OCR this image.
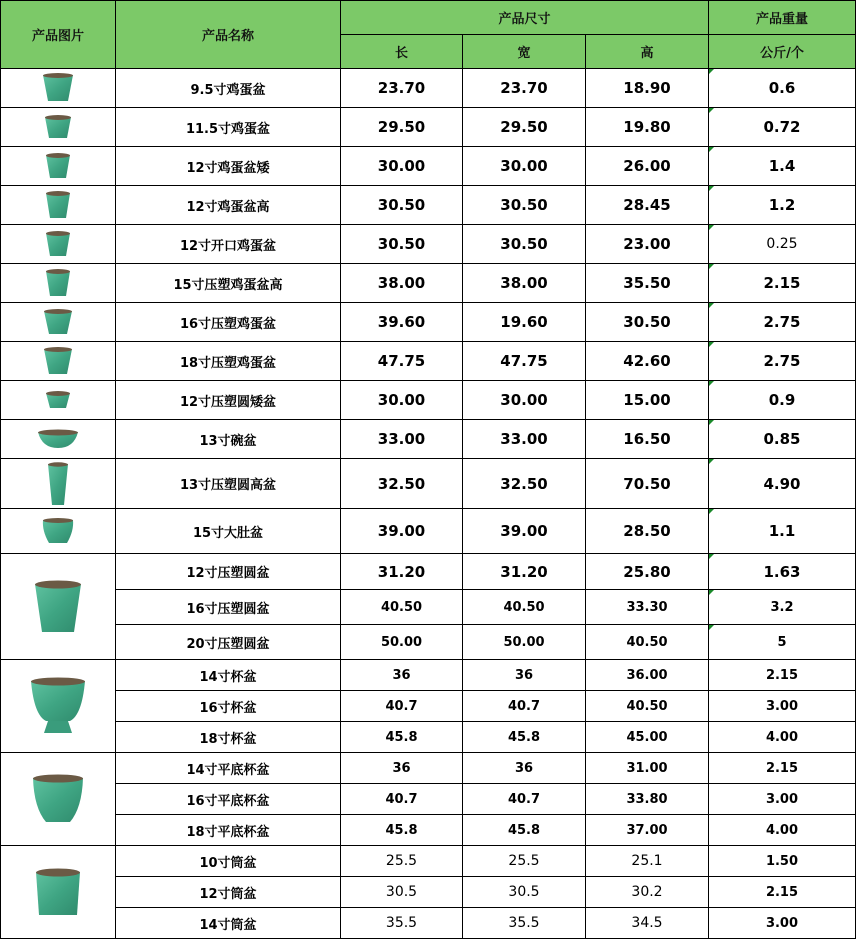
产品图片	产品名称	产品尺寸			产品重量
		长	宽	高	公斤/个
	9.5寸鸡蛋盆	23.70	23.70	18.90	0.6
	11.5寸鸡蛋盆	29.50	29.50	19.80	0.72
	12寸鸡蛋盆矮	30.00	30.00	26.00	1.4
	12寸鸡蛋盆高	30.50	30.50	28.45	1.2
	12寸开口鸡蛋盆	30.50	30.50	23.00	0.25
	15寸压塑鸡蛋盆高	38.00	38.00	35.50	2.15
	16寸压塑鸡蛋盆	39.60	19.60	30.50	2.75
	18寸压塑鸡蛋盆	47.75	47.75	42.60	2.75
	12寸压塑圆矮盆	30.00	30.00	15.00	0.9
	13寸碗盆	33.00	33.00	16.50	0.85
	13寸压塑圆高盆	32.50	32.50	70.50	4.90
	15寸大肚盆	39.00	39.00	28.50	1.1
	12寸压塑圆盆	31.20	31.20	25.80	1.63
	16寸压塑圆盆	40.50	40.50	33.30	3.2
	20寸压塑圆盆	50.00	50.00	40.50	5
	14寸杯盆	36	36	36.00	2.15
	16寸杯盆	40.7	40.7	40.50	3.00
	18寸杯盆	45.8	45.8	45.00	4.00
	14寸平底杯盆	36	36	31.00	2.15
	16寸平底杯盆	40.7	40.7	33.80	3.00
	18寸平底杯盆	45.8	45.8	37.00	4.00
	10寸筒盆	25.5	25.5	25.1	1.50
	12寸筒盆	30.5	30.5	30.2	2.15
	14寸筒盆	35.5	35.5	34.5	3.00
